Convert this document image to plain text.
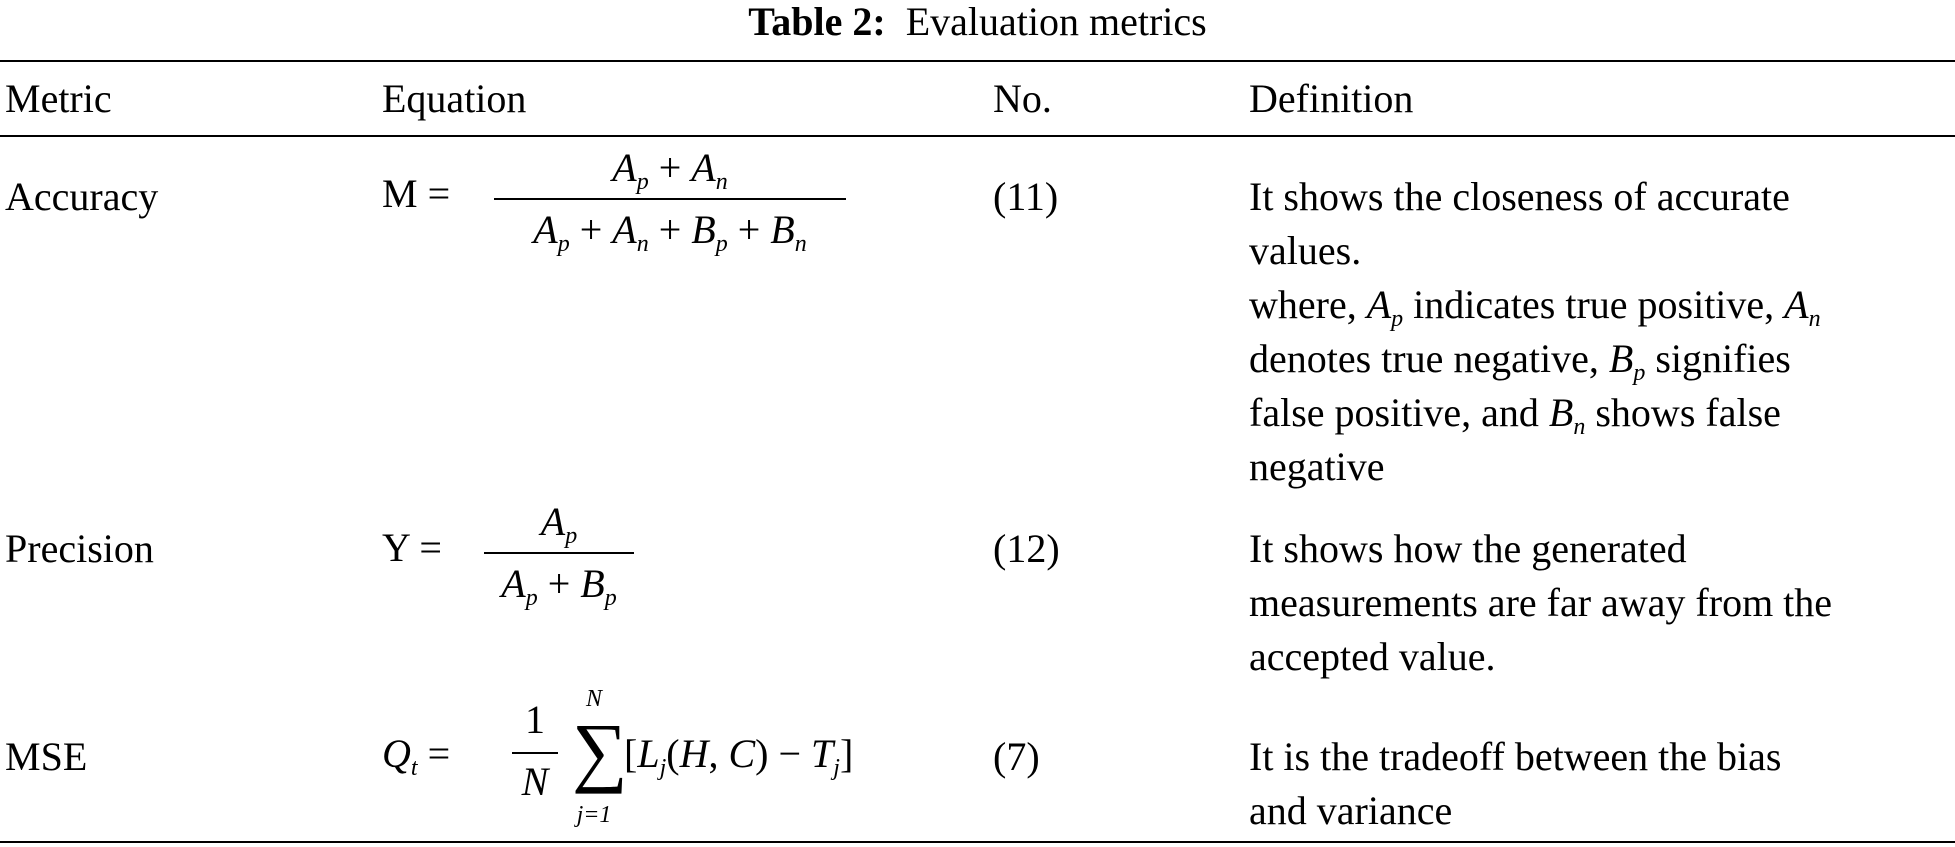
Table 2: Evaluation metrics
Metric	Equation	No.	Definition
Accuracy	M =
$A_p + A_n$
$A_p + A_n + B_p + B_n$
(11)	It shows the closeness of accurate
values.
where, $A_p$ indicates true positive, $A_n$
denotes true negative, $B_p$ signifies
false positive, and $B_n$ shows false
negative
Precision	Y =
$A_p$
$A_p + B_p$
(12)	It shows how the generated
measurements are far away from the
accepted value.
MSE	$Q_t$ =
1
N
N
∑
j=1
[$L_j(H$, $C) - T_j$]	(7)	It is the tradeoff between the bias
and variance
